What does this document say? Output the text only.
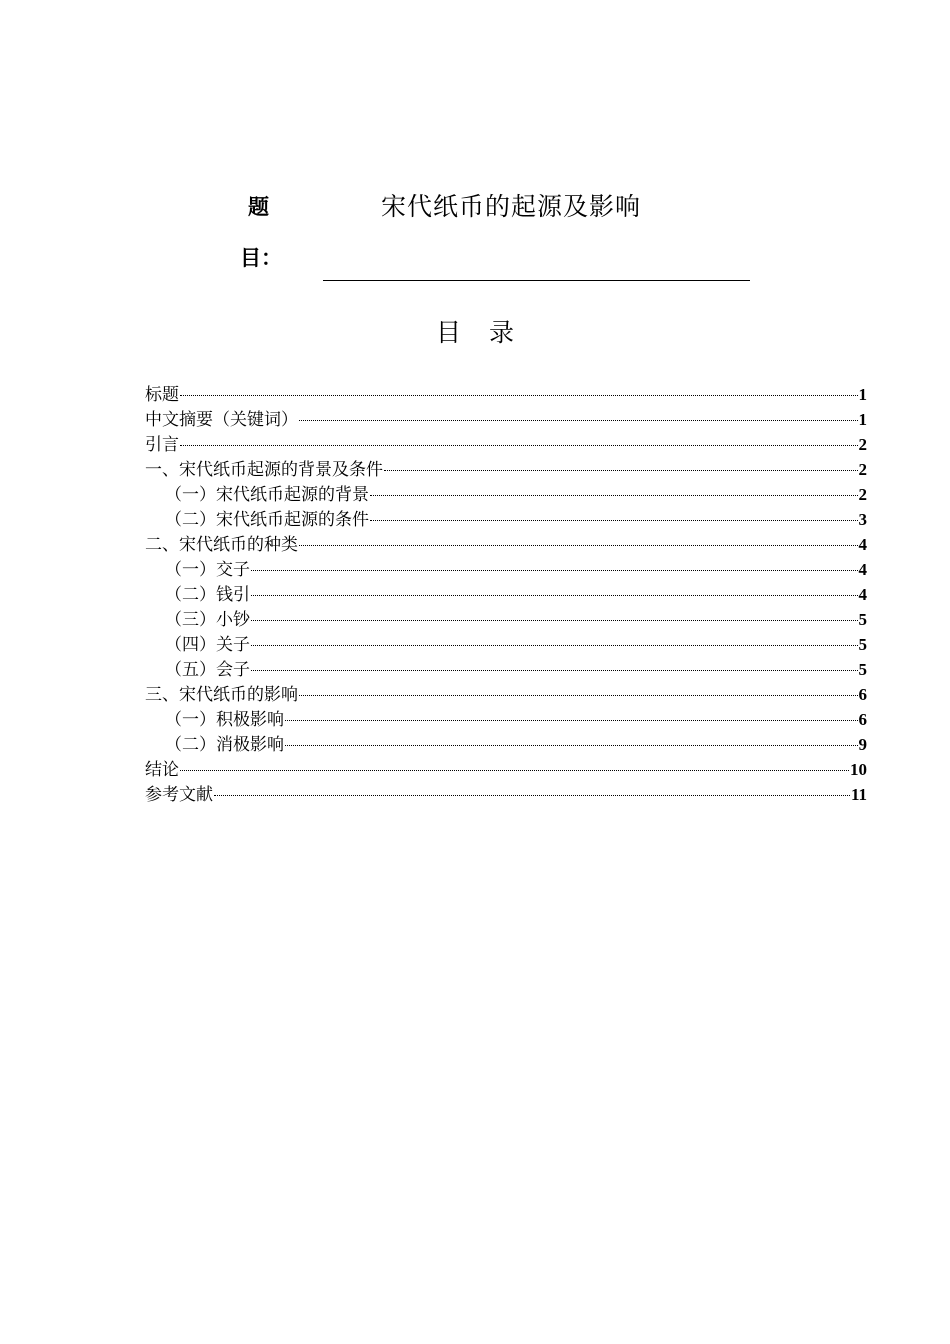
题
目：
宋代纸币的起源及影响
目 录
标题	1
中文摘要（关键词）	1
引言	2
一、宋代纸币起源的背景及条件	2
（一）宋代纸币起源的背景	2
（二）宋代纸币起源的条件	3
二、宋代纸币的种类	4
（一）交子	4
（二）钱引	4
（三）小钞	5
（四）关子	5
（五）会子	5
三、宋代纸币的影响	6
（一）积极影响	6
（二）消极影响	9
结论	10
参考文献	11
